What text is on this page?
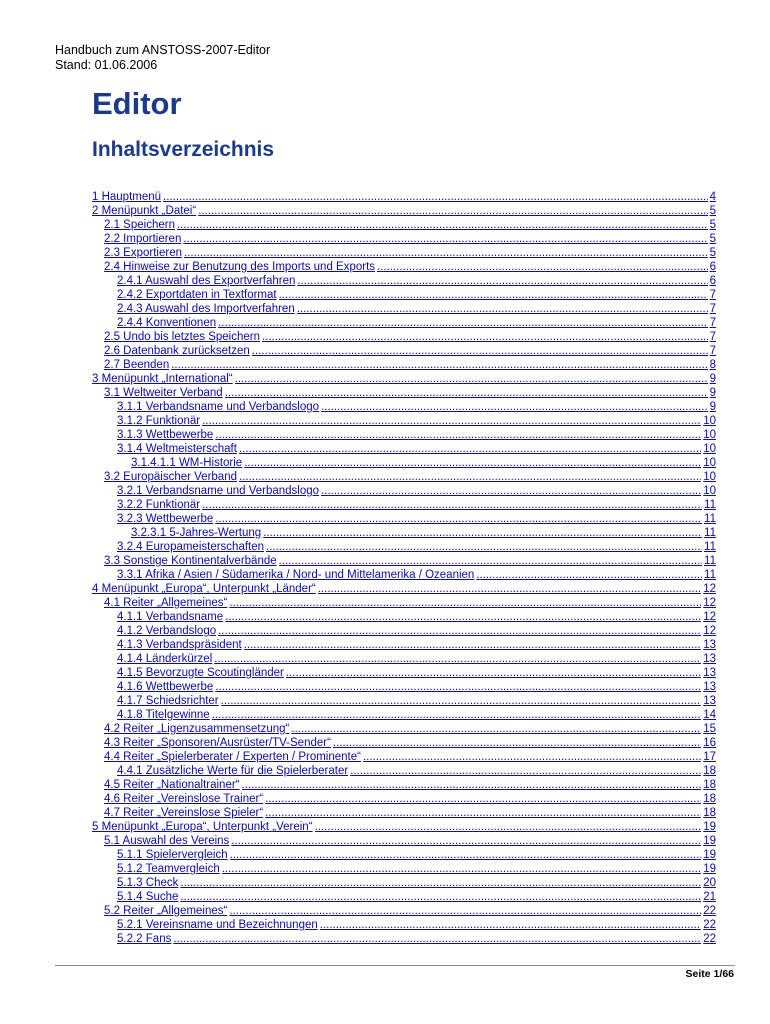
Handbuch zum ANSTOSS-2007-Editor
Stand: 01.06.2006
Editor
Inhaltsverzeichnis
1 Hauptmenü .....	4
2 Menüpunkt „Datei“ .....	5
2.1 Speichern .....	5
2.2 Importieren .....	5
2.3 Exportieren .....	5
2.4 Hinweise zur Benutzung des Imports und Exports .....	6
2.4.1 Auswahl des Exportverfahren .....	6
2.4.2 Exportdaten in Textformat .....	7
2.4.3 Auswahl des Importverfahren .....	7
2.4.4 Konventionen .....	7
2.5 Undo bis letztes Speichern .....	7
2.6 Datenbank zurücksetzen .....	7
2.7 Beenden .....	8
3 Menüpunkt „International“ .....	9
3.1 Weltweiter Verband .....	9
3.1.1 Verbandsname und Verbandslogo .....	9
3.1.2 Funktionär .....	10
3.1.3 Wettbewerbe .....	10
3.1.4 Weltmeisterschaft .....	10
3.1.4.1.1 WM-Historie .....	10
3.2 Europäischer Verband .....	10
3.2.1 Verbandsname und Verbandslogo .....	10
3.2.2 Funktionär .....	11
3.2.3 Wettbewerbe .....	11
3.2.3.1 5-Jahres-Wertung .....	11
3.2.4 Europameisterschaften .....	11
3.3 Sonstige Kontinentalverbände .....	11
3.3.1 Afrika / Asien / Südamerika / Nord- und Mittelamerika / Ozeanien .....	11
4 Menüpunkt „Europa“, Unterpunkt „Länder“ .....	12
4.1 Reiter „Allgemeines“ .....	12
4.1.1 Verbandsname .....	12
4.1.2 Verbandslogo .....	12
4.1.3 Verbandspräsident .....	13
4.1.4 Länderkürzel .....	13
4.1.5 Bevorzugte Scoutingländer .....	13
4.1.6 Wettbewerbe .....	13
4.1.7 Schiedsrichter .....	13
4.1.8 Titelgewinne .....	14
4.2 Reiter „Ligenzusammensetzung“ .....	15
4.3 Reiter „Sponsoren/Ausrüster/TV-Sender“ .....	16
4.4 Reiter „Spielerberater / Experten / Prominente“ .....	17
4.4.1 Zusätzliche Werte für die Spielerberater .....	18
4.5 Reiter „Nationaltrainer“ .....	18
4.6 Reiter „Vereinslose Trainer“ .....	18
4.7 Reiter „Vereinslose Spieler“ .....	18
5 Menüpunkt „Europa“, Unterpunkt „Verein“ .....	19
5.1 Auswahl des Vereins .....	19
5.1.1 Spielervergleich .....	19
5.1.2 Teamvergleich .....	19
5.1.3 Check .....	20
5.1.4 Suche .....	21
5.2 Reiter „Allgemeines“ .....	22
5.2.1 Vereinsname und Bezeichnungen .....	22
5.2.2 Fans .....	22
Seite 1/66
